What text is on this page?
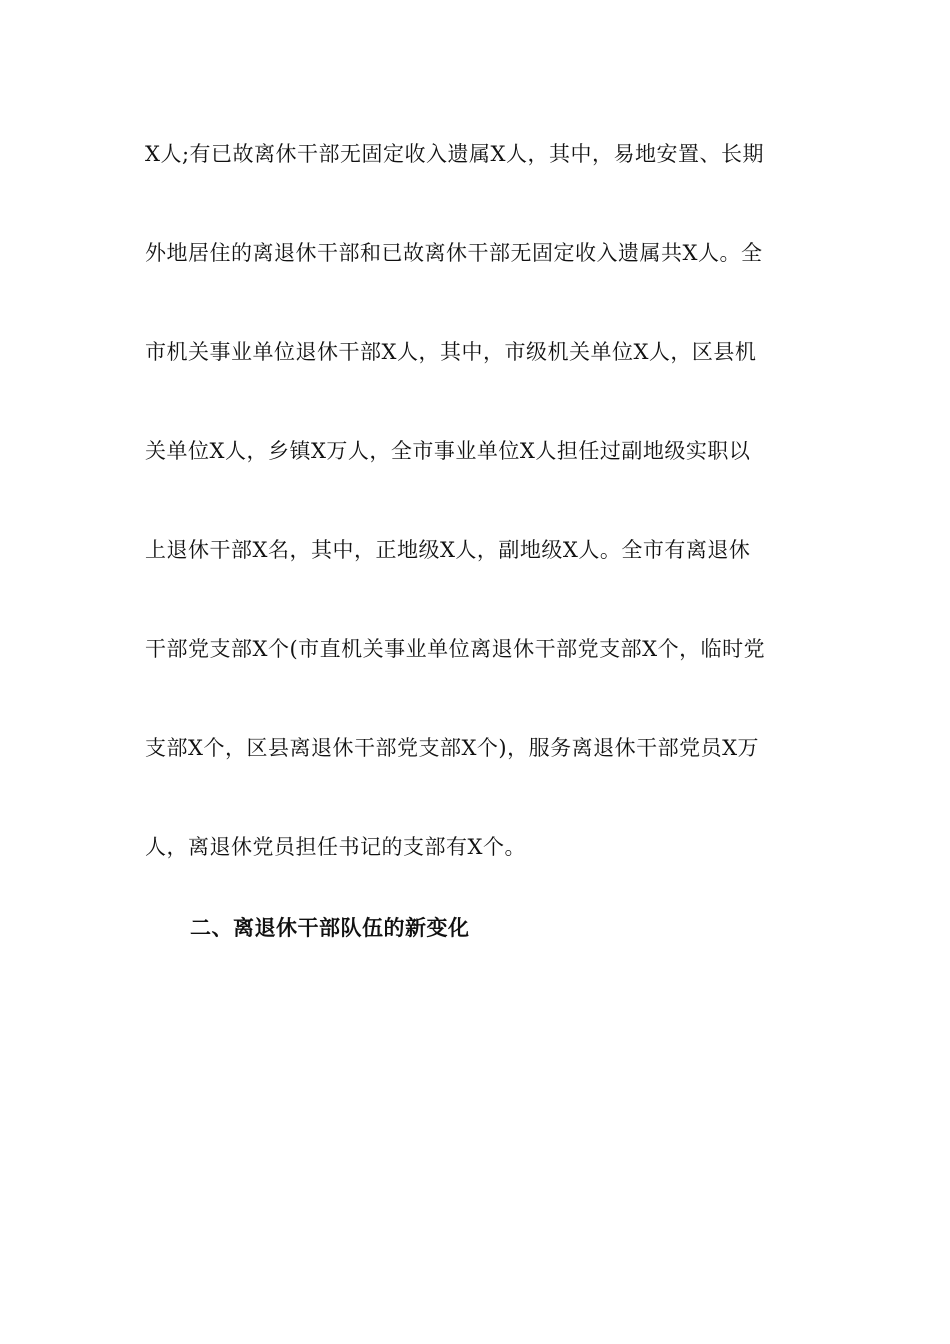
X人;有已故离休干部无固定收入遗属X人，其中，易地安置、长期
外地居住的离退休干部和已故离休干部无固定收入遗属共X人。全
市机关事业单位退休干部X人，其中，市级机关单位X人，区县机
关单位X人，乡镇X万人，全市事业单位X人担任过副地级实职以
上退休干部X名，其中，正地级X人，副地级X人。全市有离退休
干部党支部X个(市直机关事业单位离退休干部党支部X个，临时党
支部X个，区县离退休干部党支部X个)，服务离退休干部党员X万
人，离退休党员担任书记的支部有X个。
二、离退休干部队伍的新变化
